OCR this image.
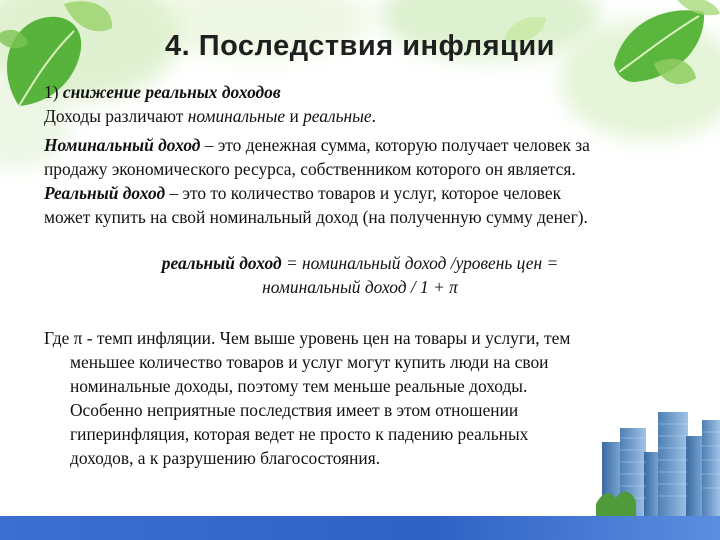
4. Последствия инфляции
1) снижение реальных доходов
Доходы различают номинальные и реальные.
Номинальный доход – это денежная сумма, которую получает человек за
продажу экономического ресурса, собственником которого он является.
Реальный доход – это то количество товаров и услуг, которое человек
может купить на свой номинальный доход (на полученную сумму денег).
реальный доход = номинальный доход /уровень цен =
номинальный доход / 1 + π
Где π - темп инфляции. Чем выше уровень цен на товары и услуги, тем
меньшее количество товаров и услуг могут купить люди на свои
номинальные доходы, поэтому тем меньше реальные доходы.
Особенно неприятные последствия имеет в этом отношении
гиперинфляция, которая ведет не просто к падению реальных
доходов, а к разрушению благосостояния.
